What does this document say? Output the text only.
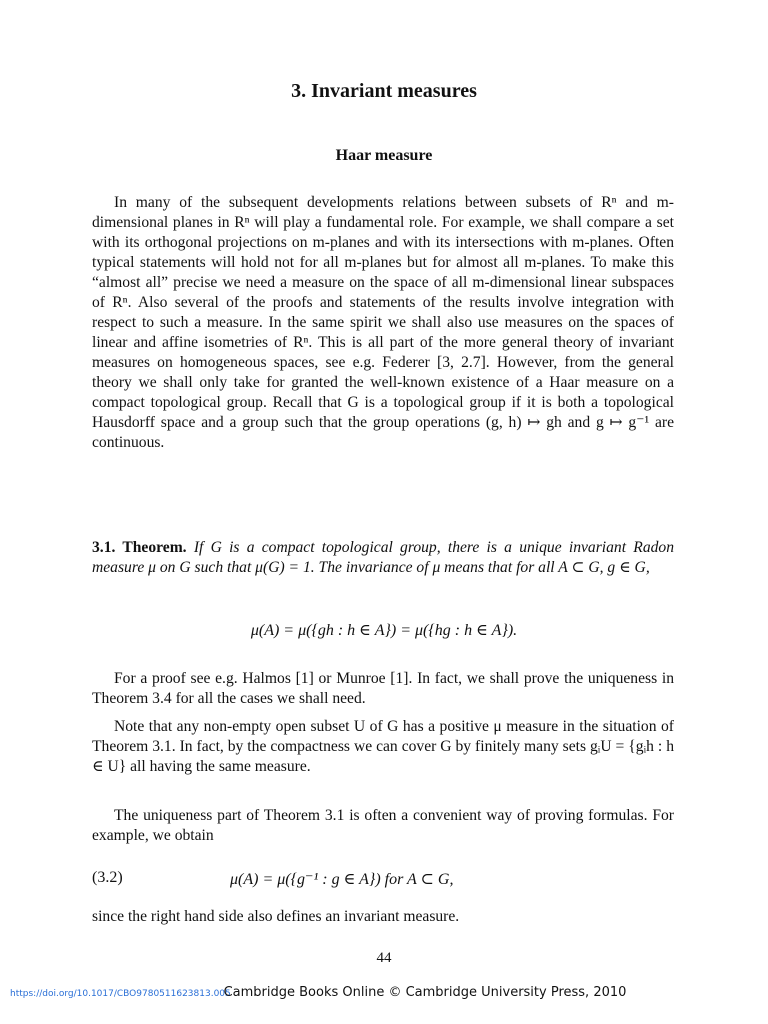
3. Invariant measures
Haar measure
In many of the subsequent developments relations between subsets of Rⁿ and m-dimensional planes in Rⁿ will play a fundamental role. For example, we shall compare a set with its orthogonal projections on m-planes and with its intersections with m-planes. Often typical statements will hold not for all m-planes but for almost all m-planes. To make this “almost all” precise we need a measure on the space of all m-dimensional linear subspaces of Rⁿ. Also several of the proofs and statements of the results involve integration with respect to such a measure. In the same spirit we shall also use measures on the spaces of linear and affine isometries of Rⁿ. This is all part of the more general theory of invariant measures on homogeneous spaces, see e.g. Federer [3, 2.7]. However, from the general theory we shall only take for granted the well-known existence of a Haar measure on a compact topological group. Recall that G is a topological group if it is both a topological Hausdorff space and a group such that the group operations (g, h) ↦ gh and g ↦ g⁻¹ are continuous.
3.1. Theorem. If G is a compact topological group, there is a unique invariant Radon measure μ on G such that μ(G) = 1. The invariance of μ means that for all A ⊂ G, g ∈ G,
μ(A) = μ({gh : h ∈ A}) = μ({hg : h ∈ A}).
For a proof see e.g. Halmos [1] or Munroe [1]. In fact, we shall prove the uniqueness in Theorem 3.4 for all the cases we shall need.
Note that any non-empty open subset U of G has a positive μ measure in the situation of Theorem 3.1. In fact, by the compactness we can cover G by finitely many sets gᵢU = {gᵢh : h ∈ U} all having the same measure.
The uniqueness part of Theorem 3.1 is often a convenient way of proving formulas. For example, we obtain
(3.2)	μ(A) = μ({g⁻¹ : g ∈ A}) for A ⊂ G,
since the right hand side also defines an invariant measure.
44
https://doi.org/10.1017/CBO9780511623813.005
Cambridge Books Online © Cambridge University Press, 2010
